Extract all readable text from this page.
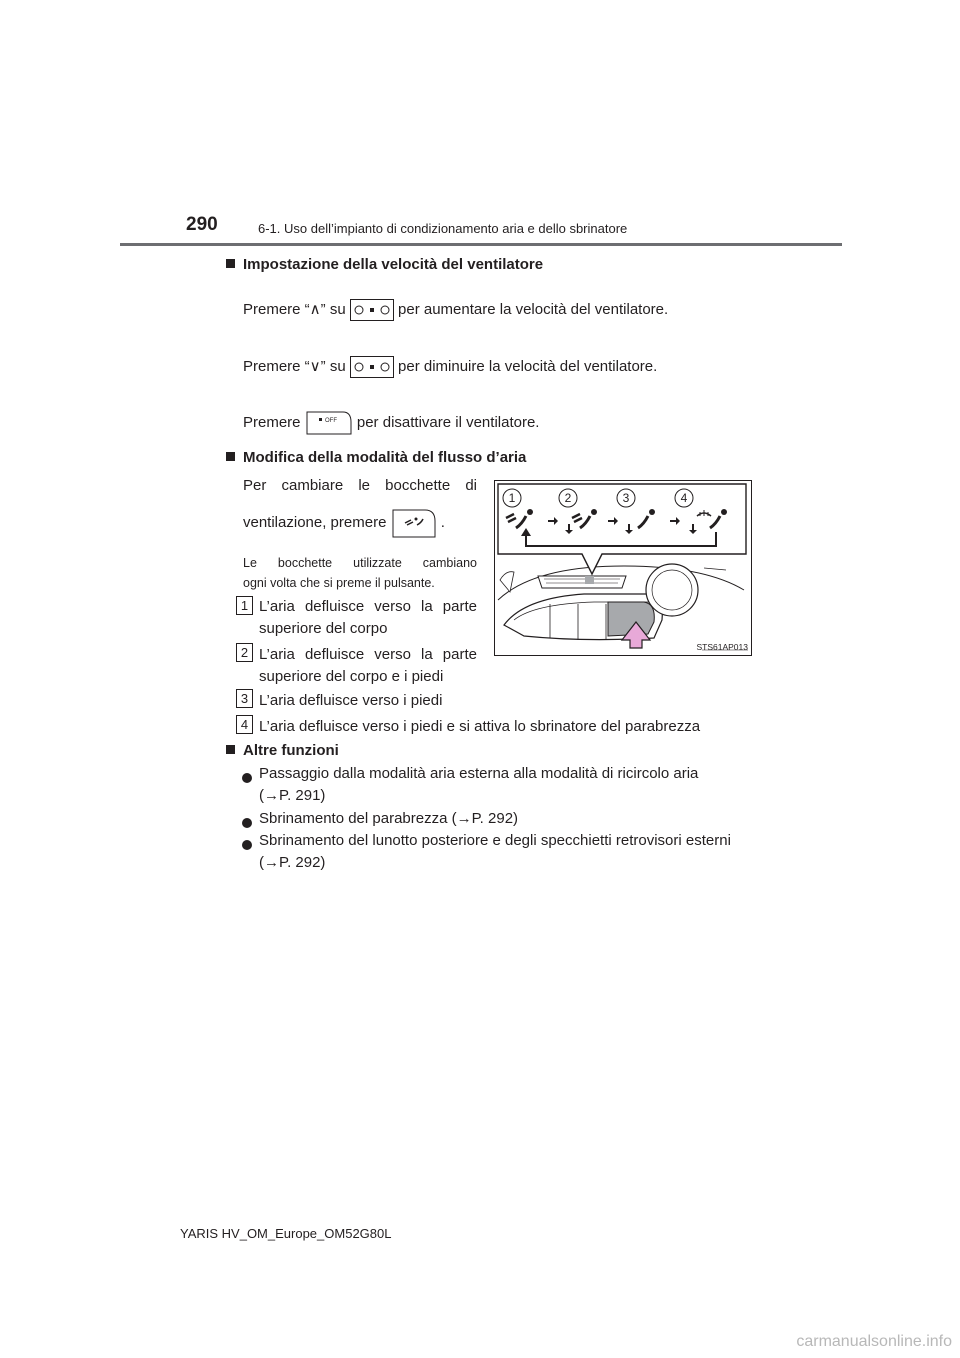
290	6-1. Uso dell’impianto di condizionamento aria e dello sbrinatore
Impostazione della velocità del ventilatore
Premere “∧” su	per aumentare la velocità del ventilatore.
Premere “∨” su	per diminuire la velocità del ventilatore.
Premere	OFF per disattivare il ventilatore.
Modifica della modalità del flusso d’aria
Per cambiare le bocchette di
ventilazione, premere	.
Le bocchette utilizzate cambiano
ogni volta che si preme il pulsante.
1 L’aria defluisce verso la parte
superiore del corpo
2 L’aria defluisce verso la parte
superiore del corpo e i piedi
3 L’aria defluisce verso i piedi
4 L’aria defluisce verso i piedi e si attiva lo sbrinatore del parabrezza
1	2	3	4
STS61AP013
Altre funzioni
Passaggio dalla modalità aria esterna alla modalità di ricircolo aria
(→P. 291)
Sbrinamento del parabrezza (→P. 292)
Sbrinamento del lunotto posteriore e degli specchietti retrovisori esterni
(→P. 292)
YARIS HV_OM_Europe_OM52G80L
carmanualsonline.info
